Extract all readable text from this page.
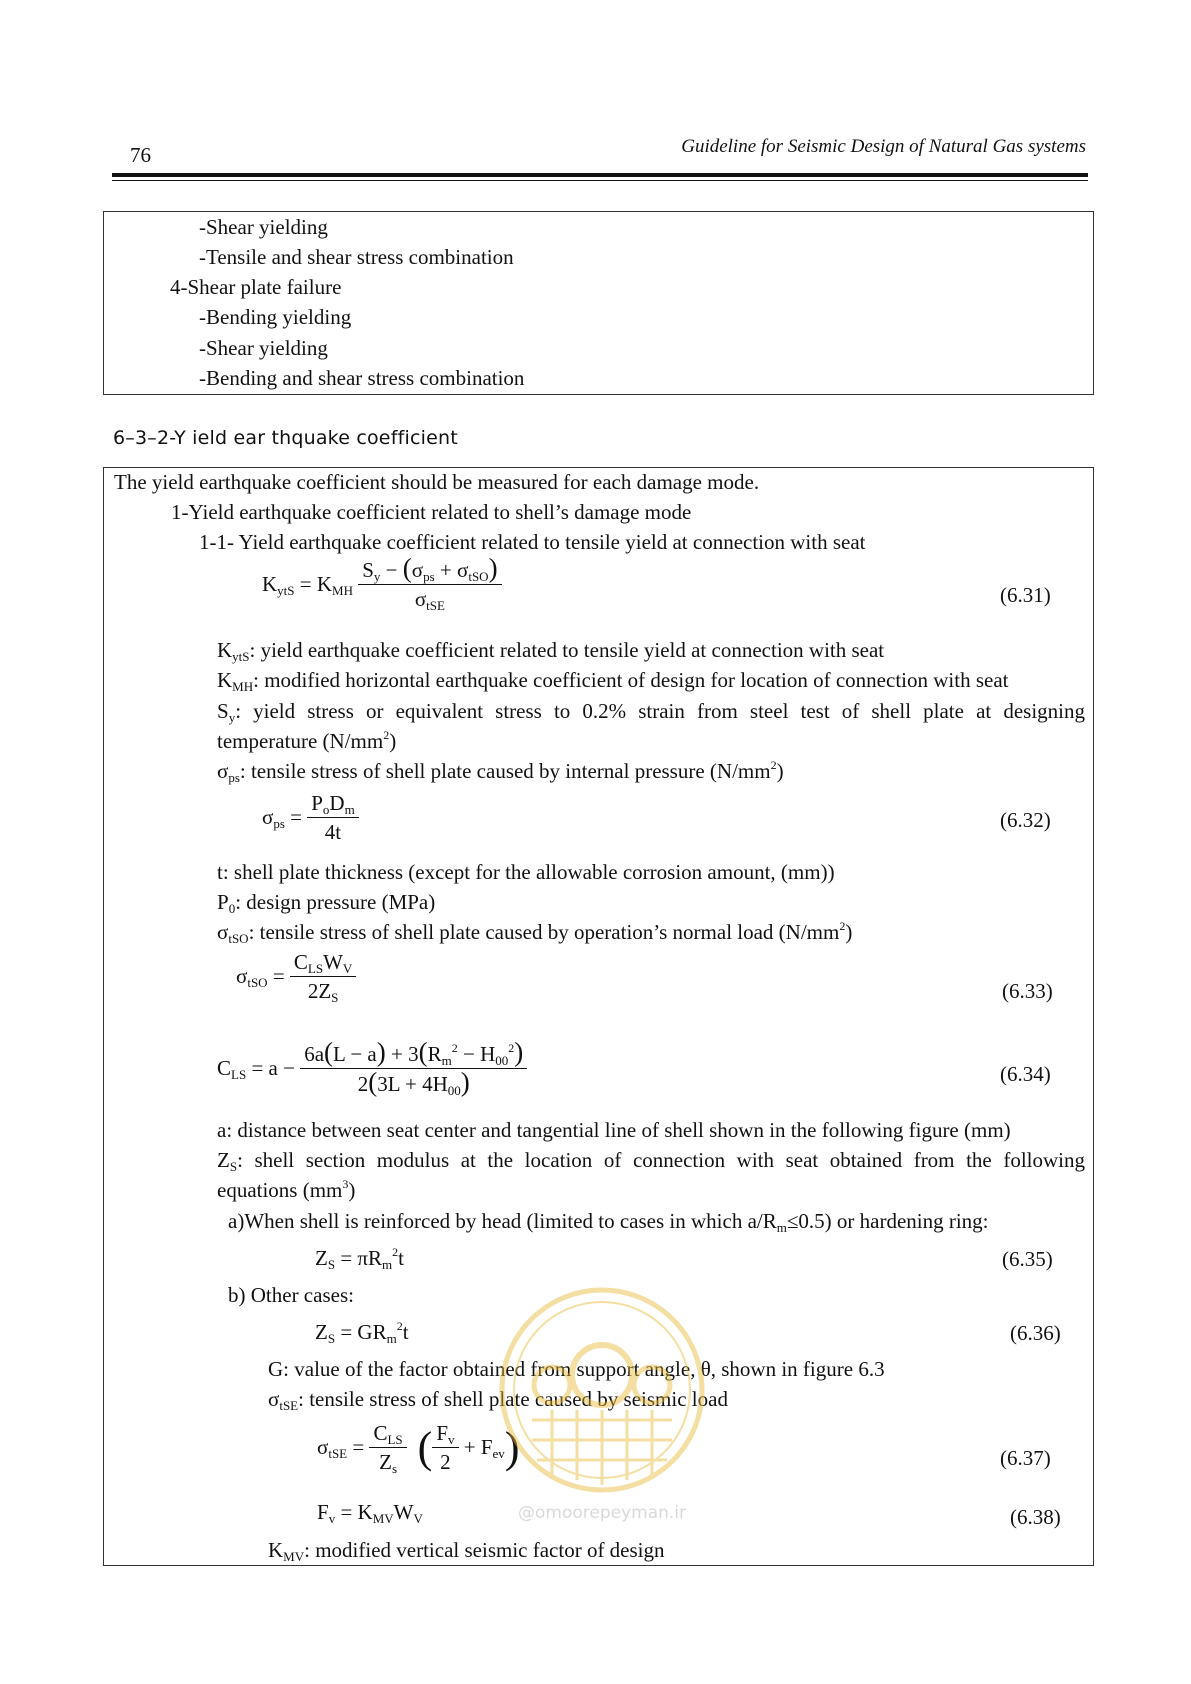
76	Guideline for Seismic Design of Natural Gas systems
-Shear yielding
-Tensile and shear stress combination
4-Shear plate failure
-Bending yielding
-Shear yielding
-Bending and shear stress combination
6–3–2-Y ield ear thquake coefficient
The yield earthquake coefficient should be measured for each damage mode.
1-Yield earthquake coefficient related to shell’s damage mode
1-1- Yield earthquake coefficient related to tensile yield at connection with seat
$K_{ytS} = K_{MH} \frac{S_y - (\sigma_{ps} + \sigma_{tSO})}{\sigma_{tSE}}$	(6.31)
$K_{ytS}$: yield earthquake coefficient related to tensile yield at connection with seat
$K_{MH}$: modified horizontal earthquake coefficient of design for location of connection with seat
$S_y$: yield stress or equivalent stress to 0.2% strain from steel test of shell plate at designing
temperature $(N/mm^2)$
$\sigma_{ps}$: tensile stress of shell plate caused by internal pressure $(N/mm^2)$
$\sigma_{ps} = \frac{P_oD_m}{4t}$	(6.32)
t: shell plate thickness (except for the allowable corrosion amount, (mm))
$P_0$: design pressure (MPa)
$\sigma_{tSO}$: tensile stress of shell plate caused by operation’s normal load $(N/mm^2)$
$\sigma_{tSO} = \frac{C_{LS}W_V}{2Z_S}$	(6.33)
$C_{LS} = a - \frac{6a(L - a) + 3(R_m^2 - H_{00}^2)}{2(3L + 4H_{00})}$	(6.34)
a: distance between seat center and tangential line of shell shown in the following figure (mm)
$Z_S$: shell section modulus at the location of connection with seat obtained from the following
equations $(mm^3)$
a)When shell is reinforced by head (limited to cases in which $a/R_m\le 0.5$) or hardening ring:
$Z_S = \pi R_m^2t$	(6.35)
b) Other cases:
$Z_S = GR_m^2t$	(6.36)
G: value of the factor obtained from support angle, θ, shown in figure 6.3
$\sigma_{tSE}$: tensile stress of shell plate caused by seismic load
$\sigma_{tSE} = \frac{C_{LS}}{Z_s}$ ( $\frac{F_v}{2} + F_{ev}$ )	(6.37)
$F_v = K_{MV}W_V$	(6.38)
$K_{MV}$: modified vertical seismic factor of design
@omoorepeyman.ir
